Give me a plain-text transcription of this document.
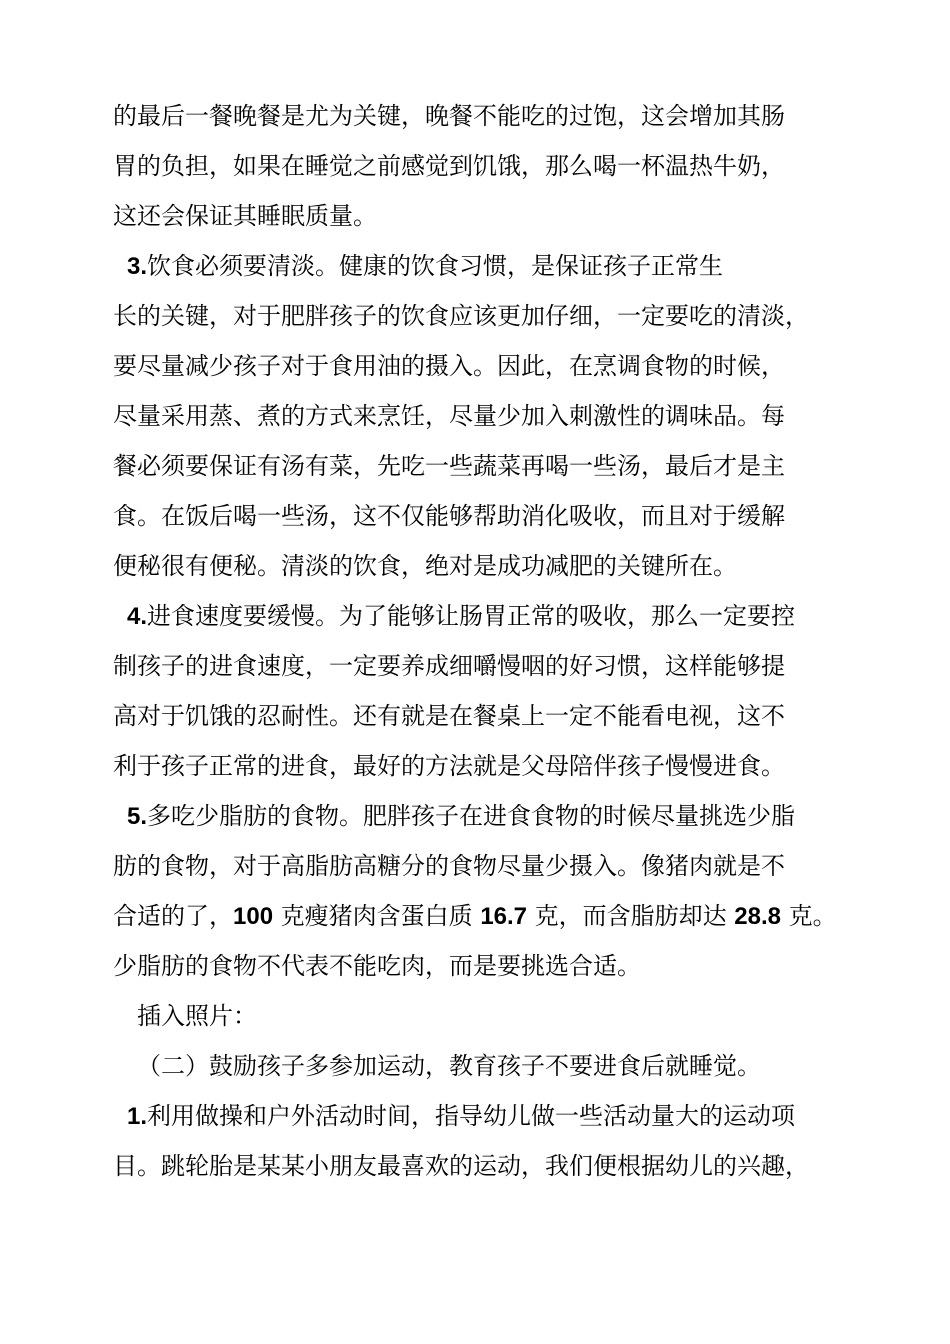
的最后一餐晚餐是尤为关键，晚餐不能吃的过饱，这会增加其肠
胃的负担，如果在睡觉之前感觉到饥饿，那么喝一杯温热牛奶，
这还会保证其睡眠质量。
3.饮食必须要清淡。健康的饮食习惯，是保证孩子正常生
长的关键，对于肥胖孩子的饮食应该更加仔细，一定要吃的清淡，
要尽量减少孩子对于食用油的摄入。因此，在烹调食物的时候，
尽量采用蒸、煮的方式来烹饪，尽量少加入刺激性的调味品。每
餐必须要保证有汤有菜，先吃一些蔬菜再喝一些汤，最后才是主
食。在饭后喝一些汤，这不仅能够帮助消化吸收，而且对于缓解
便秘很有便秘。清淡的饮食，绝对是成功减肥的关键所在。
4.进食速度要缓慢。为了能够让肠胃正常的吸收，那么一定要控
制孩子的进食速度，一定要养成细嚼慢咽的好习惯，这样能够提
高对于饥饿的忍耐性。还有就是在餐桌上一定不能看电视，这不
利于孩子正常的进食，最好的方法就是父母陪伴孩子慢慢进食。
5.多吃少脂肪的食物。肥胖孩子在进食食物的时候尽量挑选少脂
肪的食物，对于高脂肪高糖分的食物尽量少摄入。像猪肉就是不
合适的了，100 克瘦猪肉含蛋白质 16.7 克，而含脂肪却达 28.8 克。
少脂肪的食物不代表不能吃肉，而是要挑选合适。
插入照片：
（二）鼓励孩子多参加运动，教育孩子不要进食后就睡觉。
1.利用做操和户外活动时间，指导幼儿做一些活动量大的运动项
目。跳轮胎是某某小朋友最喜欢的运动，我们便根据幼儿的兴趣，
